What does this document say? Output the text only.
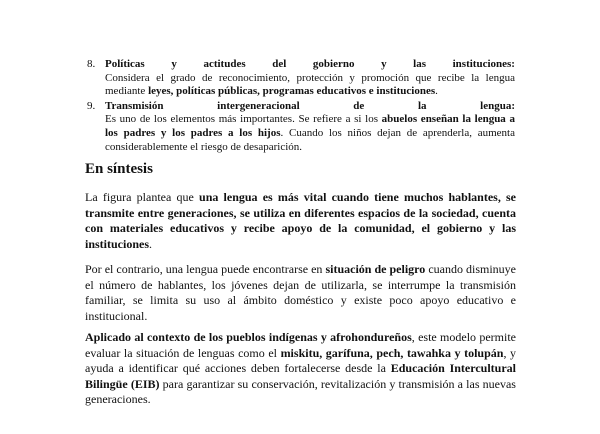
8. Políticas y actitudes del gobierno y las instituciones:
Considera el grado de reconocimiento, protección y promoción que recibe la lengua mediante leyes, políticas públicas, programas educativos e instituciones.
9. Transmisión	intergeneracional	de	la	lengua:
Es uno de los elementos más importantes. Se refiere a si los abuelos enseñan la lengua a los padres y los padres a los hijos. Cuando los niños dejan de aprenderla, aumenta considerablemente el riesgo de desaparición.
En síntesis

La figura plantea que una lengua es más vital cuando tiene muchos hablantes, se transmite entre generaciones, se utiliza en diferentes espacios de la sociedad, cuenta con materiales educativos y recibe apoyo de la comunidad, el gobierno y las instituciones.

Por el contrario, una lengua puede encontrarse en situación de peligro cuando disminuye el número de hablantes, los jóvenes dejan de utilizarla, se interrumpe la transmisión familiar, se limita su uso al ámbito doméstico y existe poco apoyo educativo e institucional.

Aplicado al contexto de los pueblos indígenas y afrohondureños, este modelo permite evaluar la situación de lenguas como el miskitu, garífuna, pech, tawahka y tolupán, y ayuda a identificar qué acciones deben fortalecerse desde la Educación Intercultural Bilingüe (EIB) para garantizar su conservación, revitalización y transmisión a las nuevas generaciones.
